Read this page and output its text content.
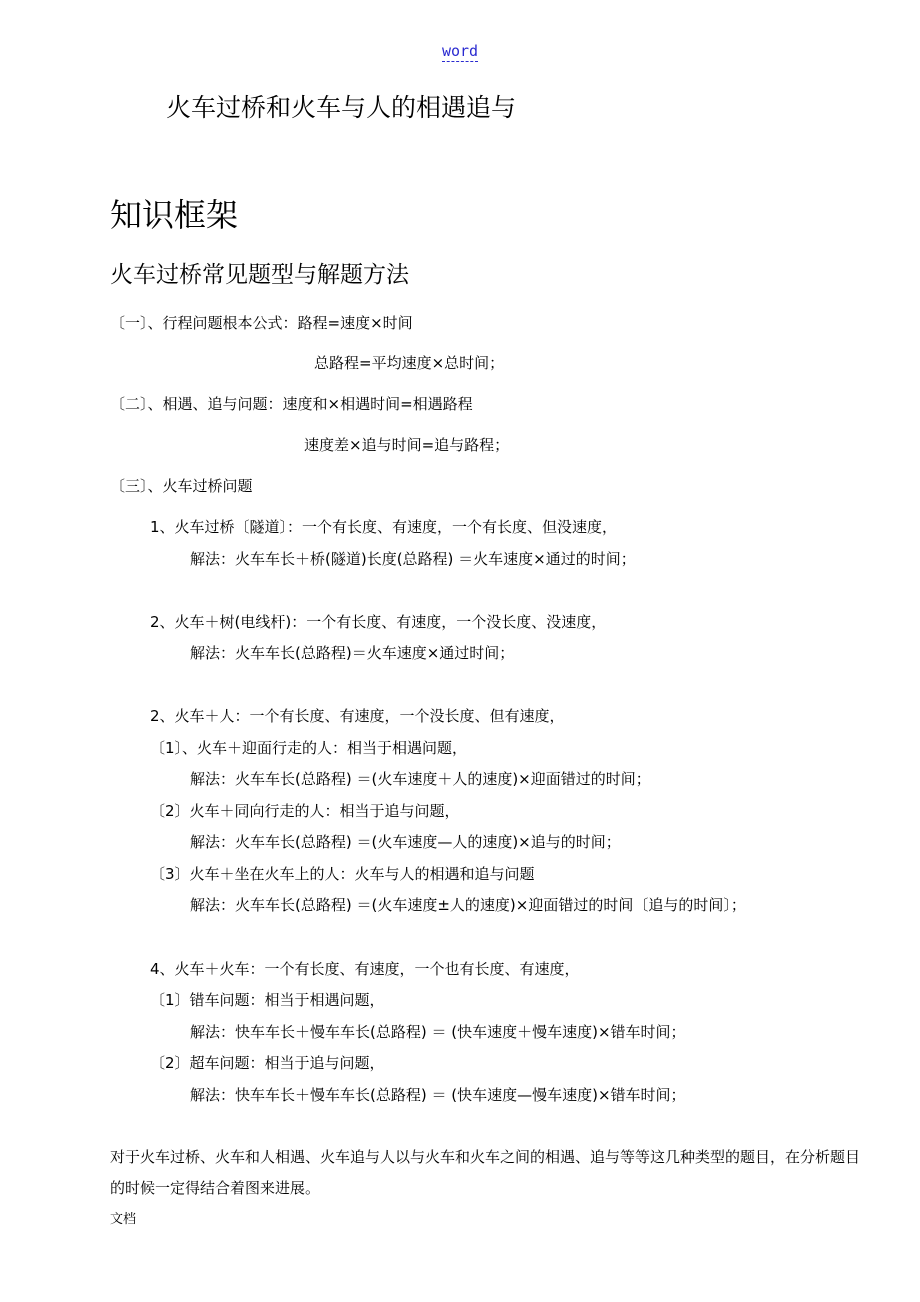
word
火车过桥和火车与人的相遇追与
知识框架
火车过桥常见题型与解题方法
〔一〕、行程问题根本公式：路程=速度×时间
总路程=平均速度×总时间；
〔二〕、相遇、追与问题：速度和×相遇时间=相遇路程
速度差×追与时间=追与路程；
〔三〕、火车过桥问题
1、火车过桥〔隧道〕：一个有长度、有速度，一个有长度、但没速度，
解法：火车车长＋桥(隧道)长度(总路程) ＝火车速度×通过的时间；
2、火车＋树(电线杆)：一个有长度、有速度，一个没长度、没速度，
解法：火车车长(总路程)＝火车速度×通过时间；
2、火车＋人：一个有长度、有速度，一个没长度、但有速度，
〔1〕、火车＋迎面行走的人：相当于相遇问题，
解法：火车车长(总路程) ＝(火车速度＋人的速度)×迎面错过的时间；
〔2〕火车＋同向行走的人：相当于追与问题，
解法：火车车长(总路程) ＝(火车速度—人的速度)×追与的时间；
〔3〕火车＋坐在火车上的人：火车与人的相遇和追与问题
解法：火车车长(总路程) ＝(火车速度±人的速度)×迎面错过的时间〔追与的时间〕；
4、火车＋火车：一个有长度、有速度，一个也有长度、有速度，
〔1〕错车问题：相当于相遇问题，
解法：快车车长＋慢车车长(总路程) ＝ (快车速度＋慢车速度)×错车时间；
〔2〕超车问题：相当于追与问题，
解法：快车车长＋慢车车长(总路程) ＝ (快车速度—慢车速度)×错车时间；
对于火车过桥、火车和人相遇、火车追与人以与火车和火车之间的相遇、追与等等这几种类型的题目，在分析题目的时候一定得结合着图来进展。
文档
